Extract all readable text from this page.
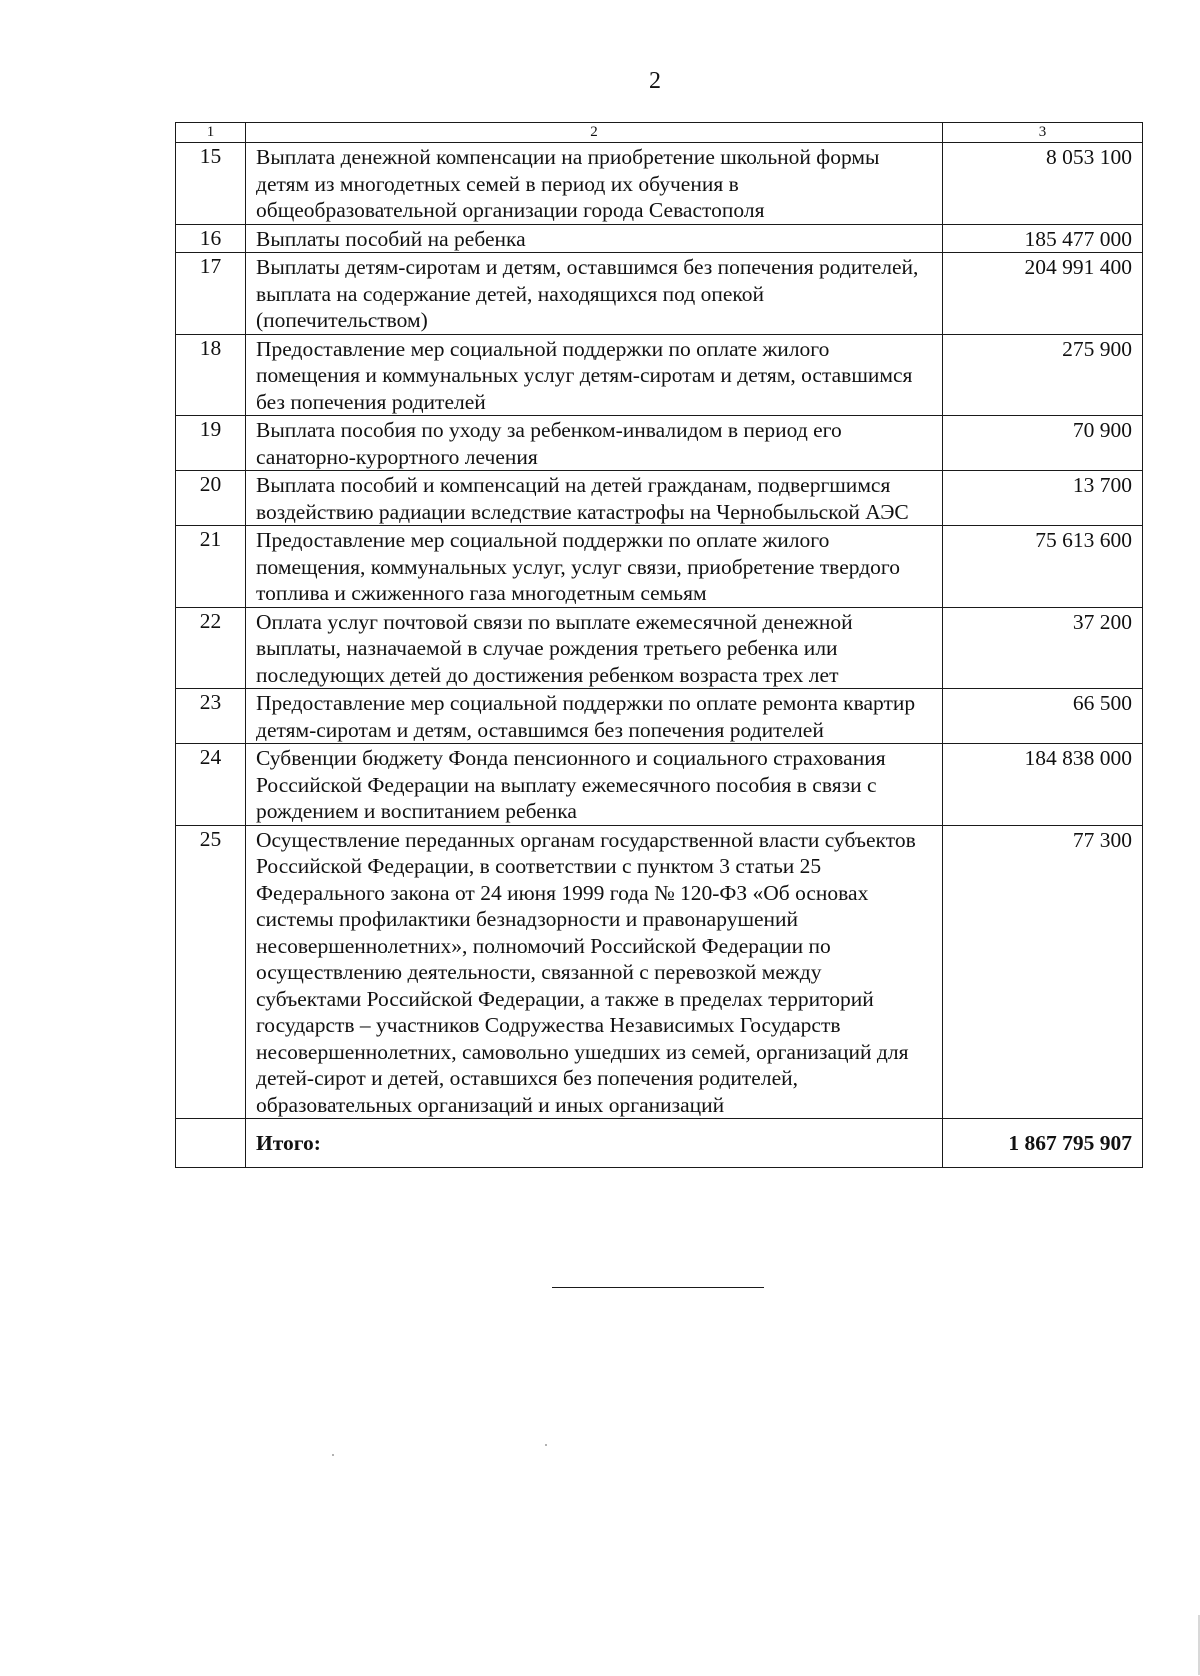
2
1	2	3
15	Выплата денежной компенсации на приобретение школьной формы детям из многодетных семей в период их обучения в общеобразовательной организации города Севастополя	8 053 100
16	Выплаты пособий на ребенка	185 477 000
17	Выплаты детям-сиротам и детям, оставшимся без попечения родителей, выплата на содержание детей, находящихся под опекой (попечительством)	204 991 400
18	Предоставление мер социальной поддержки по оплате жилого помещения и коммунальных услуг детям-сиротам и детям, оставшимся без попечения родителей	275 900
19	Выплата пособия по уходу за ребенком-инвалидом в период его санаторно-курортного лечения	70 900
20	Выплата пособий и компенсаций на детей гражданам, подвергшимся воздействию радиации вследствие катастрофы на Чернобыльской АЭС	13 700
21	Предоставление мер социальной поддержки по оплате жилого помещения, коммунальных услуг, услуг связи, приобретение твердого топлива и сжиженного газа многодетным семьям	75 613 600
22	Оплата услуг почтовой связи по выплате ежемесячной денежной выплаты, назначаемой в случае рождения третьего ребенка или последующих детей до достижения ребенком возраста трех лет	37 200
23	Предоставление мер социальной поддержки по оплате ремонта квартир детям-сиротам и детям, оставшимся без попечения родителей	66 500
24	Субвенции бюджету Фонда пенсионного и социального страхования Российской Федерации на выплату ежемесячного пособия в связи с рождением и воспитанием ребенка	184 838 000
25	Осуществление переданных органам государственной власти субъектов Российской Федерации, в соответствии с пунктом 3 статьи 25 Федерального закона от 24 июня 1999 года № 120-ФЗ «Об основах системы профилактики безнадзорности и правонарушений несовершеннолетних», полномочий Российской Федерации по осуществлению деятельности, связанной с перевозкой между субъектами Российской Федерации, а также в пределах территорий государств – участников Содружества Независимых Государств несовершеннолетних, самовольно ушедших из семей, организаций для детей-сирот и детей, оставшихся без попечения родителей, образовательных организаций и иных организаций	77 300
	Итого:	1 867 795 907
